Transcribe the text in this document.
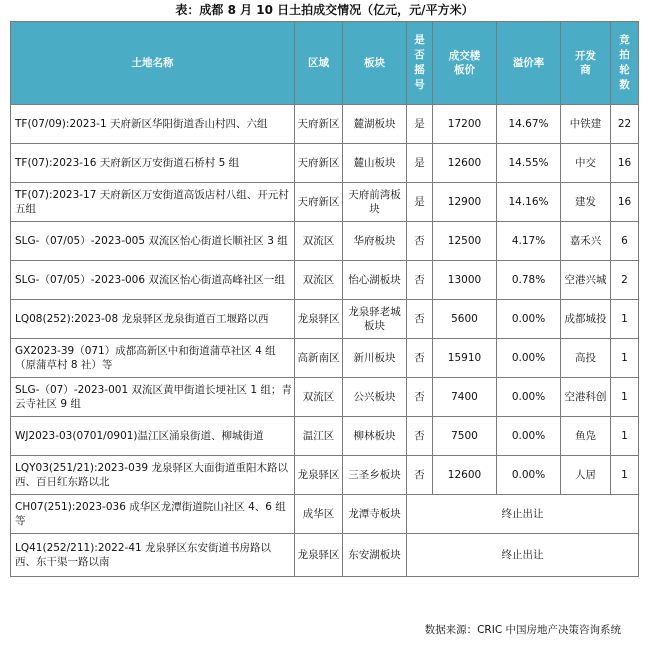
表：成都 8 月 10 日土拍成交情况（亿元，元/平方米）
土地名称	区域	板块	是否摇号	成交楼板价	溢价率	开发商	竞拍轮数
TF(07/09):2023-1 天府新区华阳街道香山村四、六组	天府新区	麓湖板块	是	17200	14.67%	中铁建	22
TF(07):2023-16 天府新区万安街道石桥村 5 组	天府新区	麓山板块	是	12600	14.55%	中交	16
TF(07):2023-17 天府新区万安街道高饭店村八组、开元村五组	天府新区	天府前湾板块	是	12900	14.16%	建发	16
SLG-（07/05）-2023-005 双流区怡心街道长顺社区 3 组	双流区	华府板块	否	12500	4.17%	嘉禾兴	6
SLG-（07/05）-2023-006 双流区怡心街道高峰社区一组	双流区	怡心湖板块	否	13000	0.78%	空港兴城	2
LQ08(252):2023-08 龙泉驿区龙泉街道百工堰路以西	龙泉驿区	龙泉驿老城板块	否	5600	0.00%	成都城投	1
GX2023-39（071）成都高新区中和街道蒲草社区 4 组（原蒲草村 8 社）等	高新南区	新川板块	否	15910	0.00%	高投	1
SLG-（07）-2023-001 双流区黄甲街道长埂社区 1 组；青云寺社区 9 组	双流区	公兴板块	否	7400	0.00%	空港科创	1
WJ2023-03(0701/0901)温江区涌泉街道、柳城街道	温江区	柳林板块	否	7500	0.00%	鱼凫	1
LQY03(251/21):2023-039 龙泉驿区大面街道重阳木路以西、百日红东路以北	龙泉驿区	三圣乡板块	否	12600	0.00%	人居	1
CH07(251):2023-036 成华区龙潭街道院山社区 4、6 组等	成华区	龙潭寺板块	终止出让				
LQ41(252/211):2022-41 龙泉驿区东安街道书房路以西、东干渠一路以南	龙泉驿区	东安湖板块	终止出让				
数据来源：CRIC 中国房地产决策咨询系统
